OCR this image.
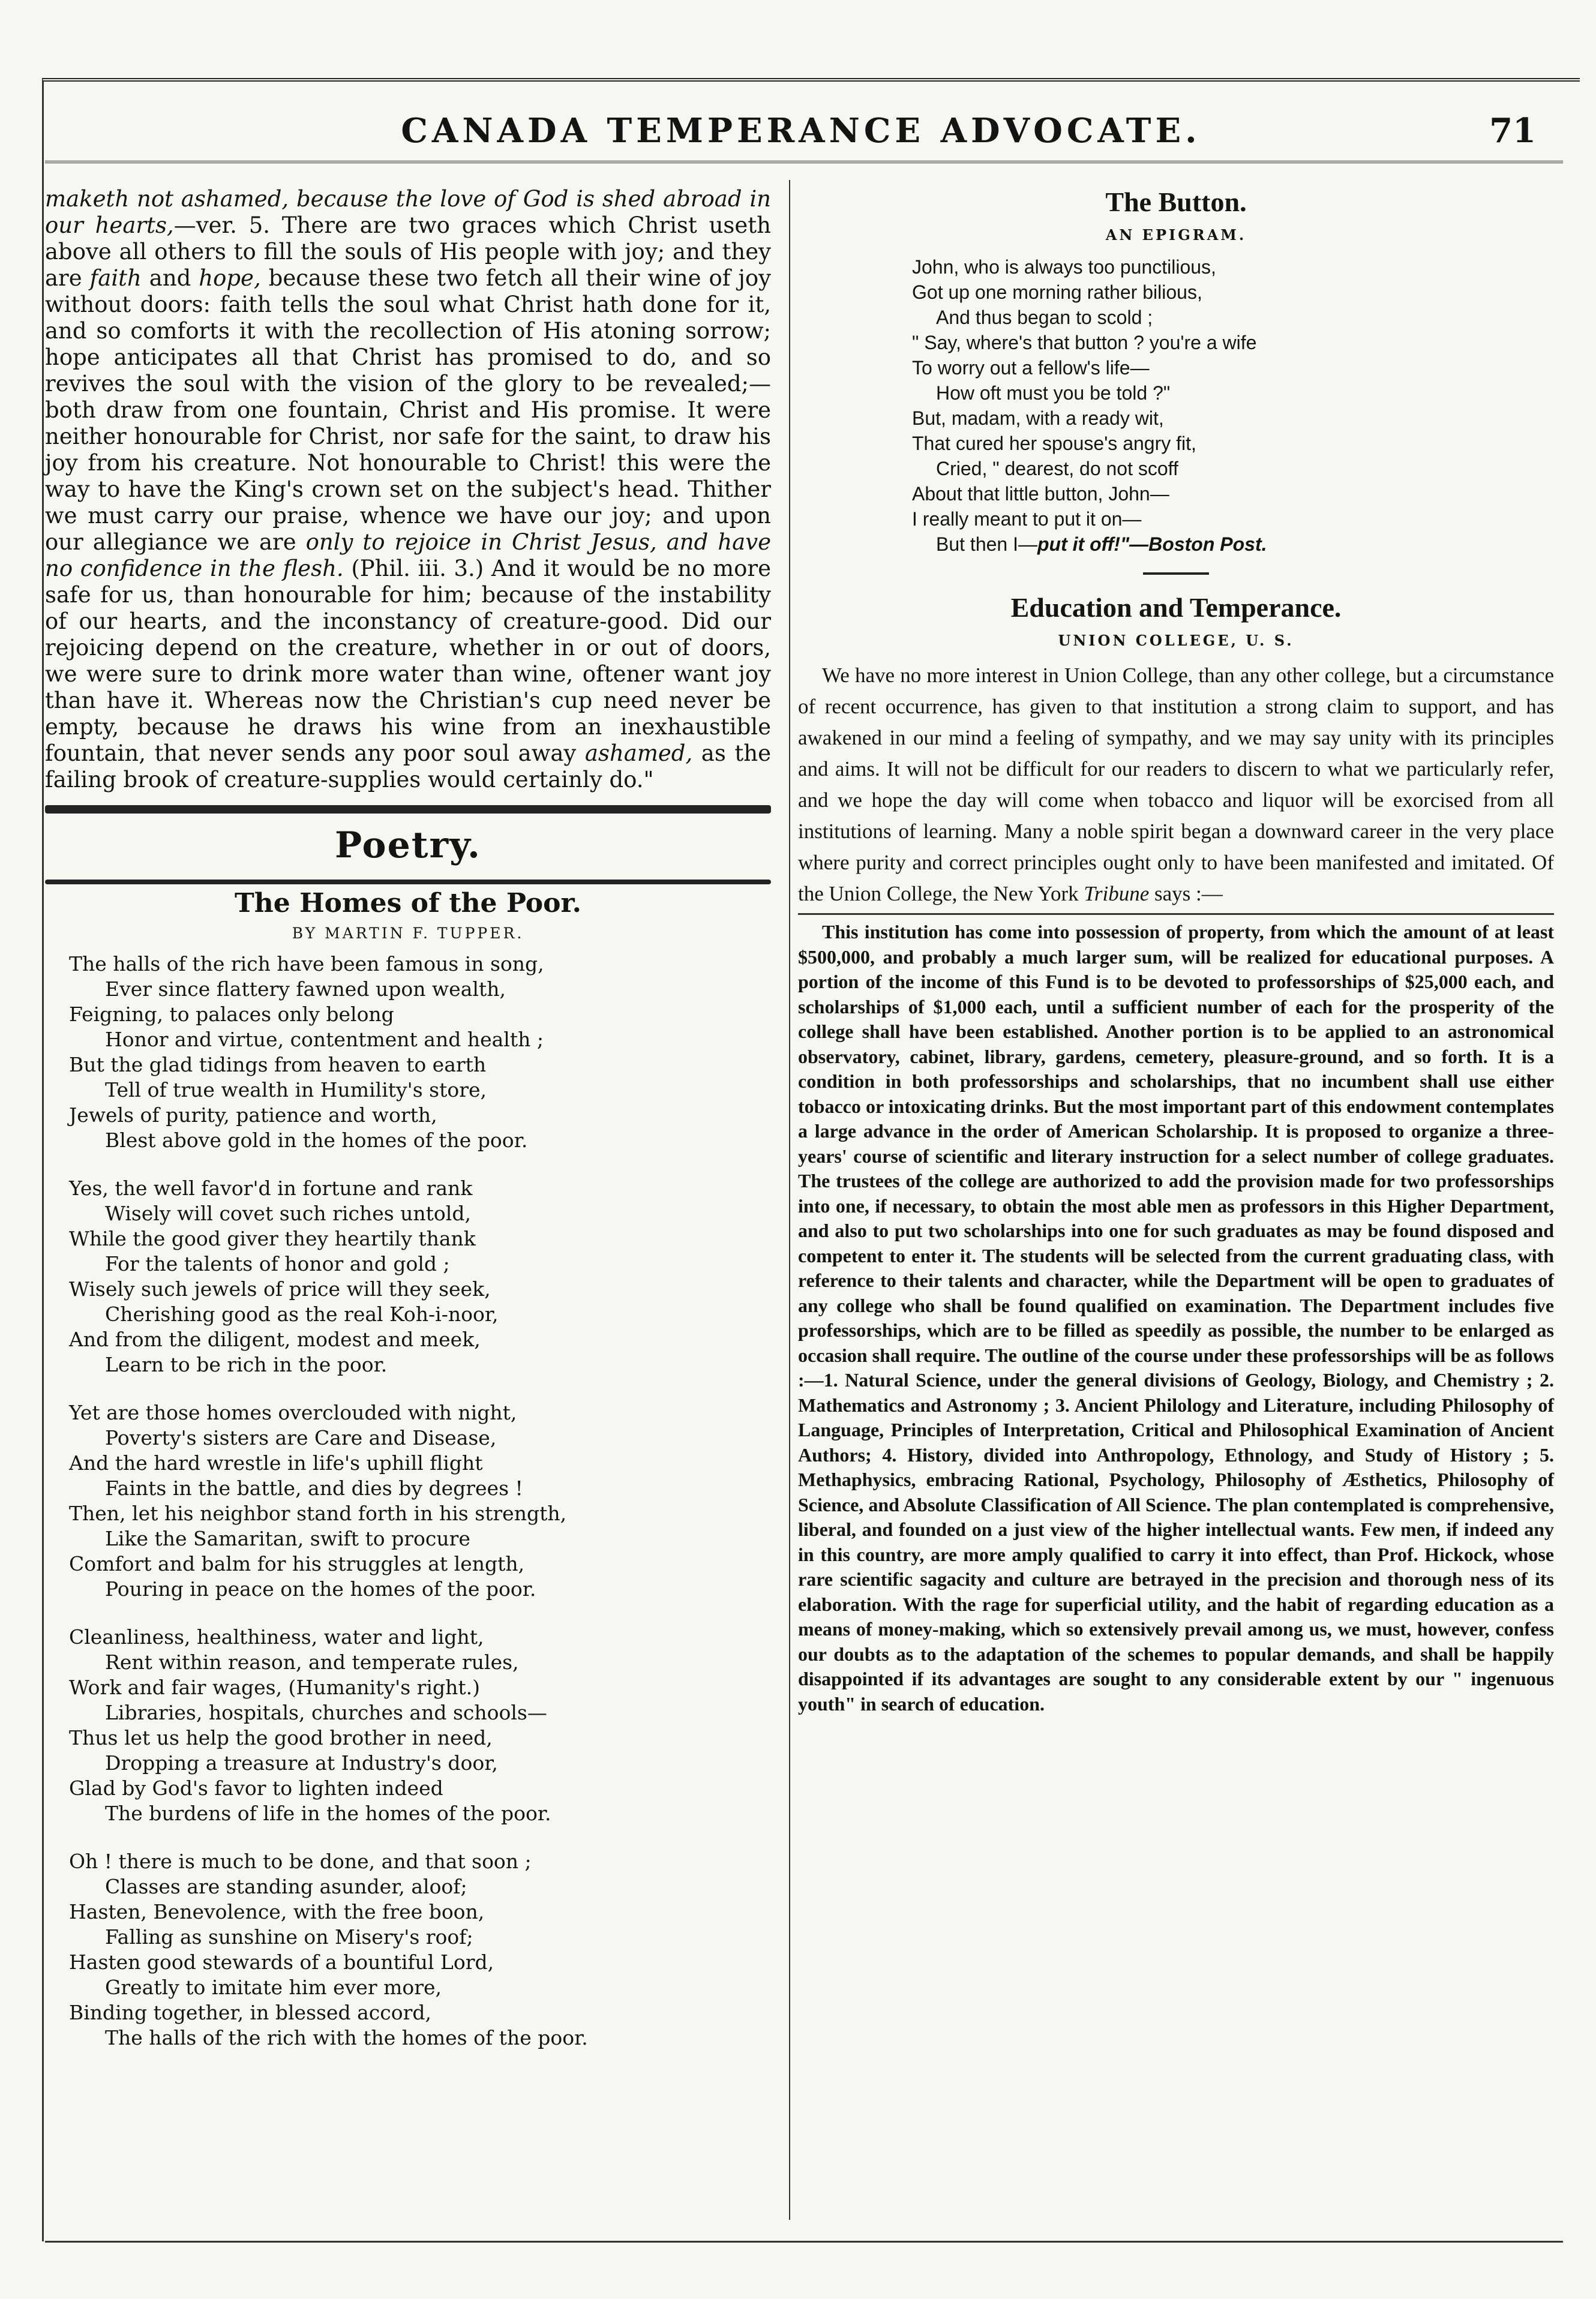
CANADA TEMPERANCE ADVOCATE.	71

maketh not ashamed, because the love of God is shed abroad in our hearts,—ver. 5. There are two graces which Christ useth above all others to fill the souls of His people with joy; and they are faith and hope, because these two fetch all their wine of joy without doors: faith tells the soul what Christ hath done for it, and so comforts it with the recollection of His atoning sorrow; hope anticipates all that Christ has promised to do, and so revives the soul with the vision of the glory to be revealed;—both draw from one fountain, Christ and His promise. It were neither honourable for Christ, nor safe for the saint, to draw his joy from his creature. Not honourable to Christ! this were the way to have the King's crown set on the subject's head. Thither we must carry our praise, whence we have our joy; and upon our allegiance we are only to rejoice in Christ Jesus, and have no confidence in the flesh. (Phil. iii. 3.) And it would be no more safe for us, than honourable for him; because of the instability of our hearts, and the inconstancy of creature-good. Did our rejoicing depend on the creature, whether in or out of doors, we were sure to drink more water than wine, oftener want joy than have it. Whereas now the Christian's cup need never be empty, because he draws his wine from an inexhaustible fountain, that never sends any poor soul away ashamed, as the failing brook of creature-supplies would certainly do."

Poetry.
The Homes of the Poor.
BY MARTIN F. TUPPER.
The halls of the rich have been famous in song,
Ever since flattery fawned upon wealth,
Feigning, to palaces only belong
Honor and virtue, contentment and health ;
But the glad tidings from heaven to earth
Tell of true wealth in Humility's store,
Jewels of purity, patience and worth,
Blest above gold in the homes of the poor.
Yes, the well favor'd in fortune and rank
Wisely will covet such riches untold,
While the good giver they heartily thank
For the talents of honor and gold ;
Wisely such jewels of price will they seek,
Cherishing good as the real Koh-i-noor,
And from the diligent, modest and meek,
Learn to be rich in the poor.
Yet are those homes overclouded with night,
Poverty's sisters are Care and Disease,
And the hard wrestle in life's uphill flight
Faints in the battle, and dies by degrees !
Then, let his neighbor stand forth in his strength,
Like the Samaritan, swift to procure
Comfort and balm for his struggles at length,
Pouring in peace on the homes of the poor.
Cleanliness, healthiness, water and light,
Rent within reason, and temperate rules,
Work and fair wages, (Humanity's right.)
Libraries, hospitals, churches and schools—
Thus let us help the good brother in need,
Dropping a treasure at Industry's door,
Glad by God's favor to lighten indeed
The burdens of life in the homes of the poor.
Oh ! there is much to be done, and that soon ;
Classes are standing asunder, aloof;
Hasten, Benevolence, with the free boon,
Falling as sunshine on Misery's roof;
Hasten good stewards of a bountiful Lord,
Greatly to imitate him ever more,
Binding together, in blessed accord,
The halls of the rich with the homes of the poor.
The Button.
AN EPIGRAM.
John, who is always too punctilious,
Got up one morning rather bilious,
And thus began to scold ;
" Say, where's that button ? you're a wife
To worry out a fellow's life—
How oft must you be told ?"
But, madam, with a ready wit,
That cured her spouse's angry fit,
Cried, " dearest, do not scoff
About that little button, John—
I really meant to put it on—
But then I—put it off!"—Boston Post.
Education and Temperance.
UNION COLLEGE, U. S.

We have no more interest in Union College, than any other college, but a circumstance of recent occurrence, has given to that institution a strong claim to support, and has awakened in our mind a feeling of sympathy, and we may say unity with its principles and aims. It will not be difficult for our readers to discern to what we particularly refer, and we hope the day will come when tobacco and liquor will be exorcised from all institutions of learning. Many a noble spirit began a downward career in the very place where purity and correct principles ought only to have been manifested and imitated. Of the Union College, the New York Tribune says :—

This institution has come into possession of property, from which the amount of at least $500,000, and probably a much larger sum, will be realized for educational purposes. A portion of the income of this Fund is to be devoted to professorships of $25,000 each, and scholarships of $1,000 each, until a sufficient number of each for the prosperity of the college shall have been established. Another portion is to be applied to an astronomical observatory, cabinet, library, gardens, cemetery, pleasure-ground, and so forth. It is a condition in both professorships and scholarships, that no incumbent shall use either tobacco or intoxicating drinks. But the most important part of this endowment contemplates a large advance in the order of American Scholarship. It is proposed to organize a three-years' course of scientific and literary instruction for a select number of college graduates. The trustees of the college are authorized to add the provision made for two professorships into one, if necessary, to obtain the most able men as professors in this Higher Department, and also to put two scholarships into one for such graduates as may be found disposed and competent to enter it. The students will be selected from the current graduating class, with reference to their talents and character, while the Department will be open to graduates of any college who shall be found qualified on examination. The Department includes five professorships, which are to be filled as speedily as possible, the number to be enlarged as occasion shall require. The outline of the course under these professorships will be as follows :—1. Natural Science, under the general divisions of Geology, Biology, and Chemistry ; 2. Mathematics and Astronomy ; 3. Ancient Philology and Literature, including Philosophy of Language, Principles of Interpretation, Critical and Philosophical Examination of Ancient Authors; 4. History, divided into Anthropology, Ethnology, and Study of History ; 5. Methaphysics, embracing Rational, Psychology, Philosophy of Æsthetics, Philosophy of Science, and Absolute Classification of All Science. The plan contemplated is comprehensive, liberal, and founded on a just view of the higher intellectual wants. Few men, if indeed any in this country, are more amply qualified to carry it into effect, than Prof. Hickock, whose rare scientific sagacity and culture are betrayed in the precision and thorough ness of its elaboration. With the rage for superficial utility, and the habit of regarding education as a means of money-making, which so extensively prevail among us, we must, however, confess our doubts as to the adaptation of the schemes to popular demands, and shall be happily disappointed if its advantages are sought to any considerable extent by our " ingenuous youth" in search of education.
